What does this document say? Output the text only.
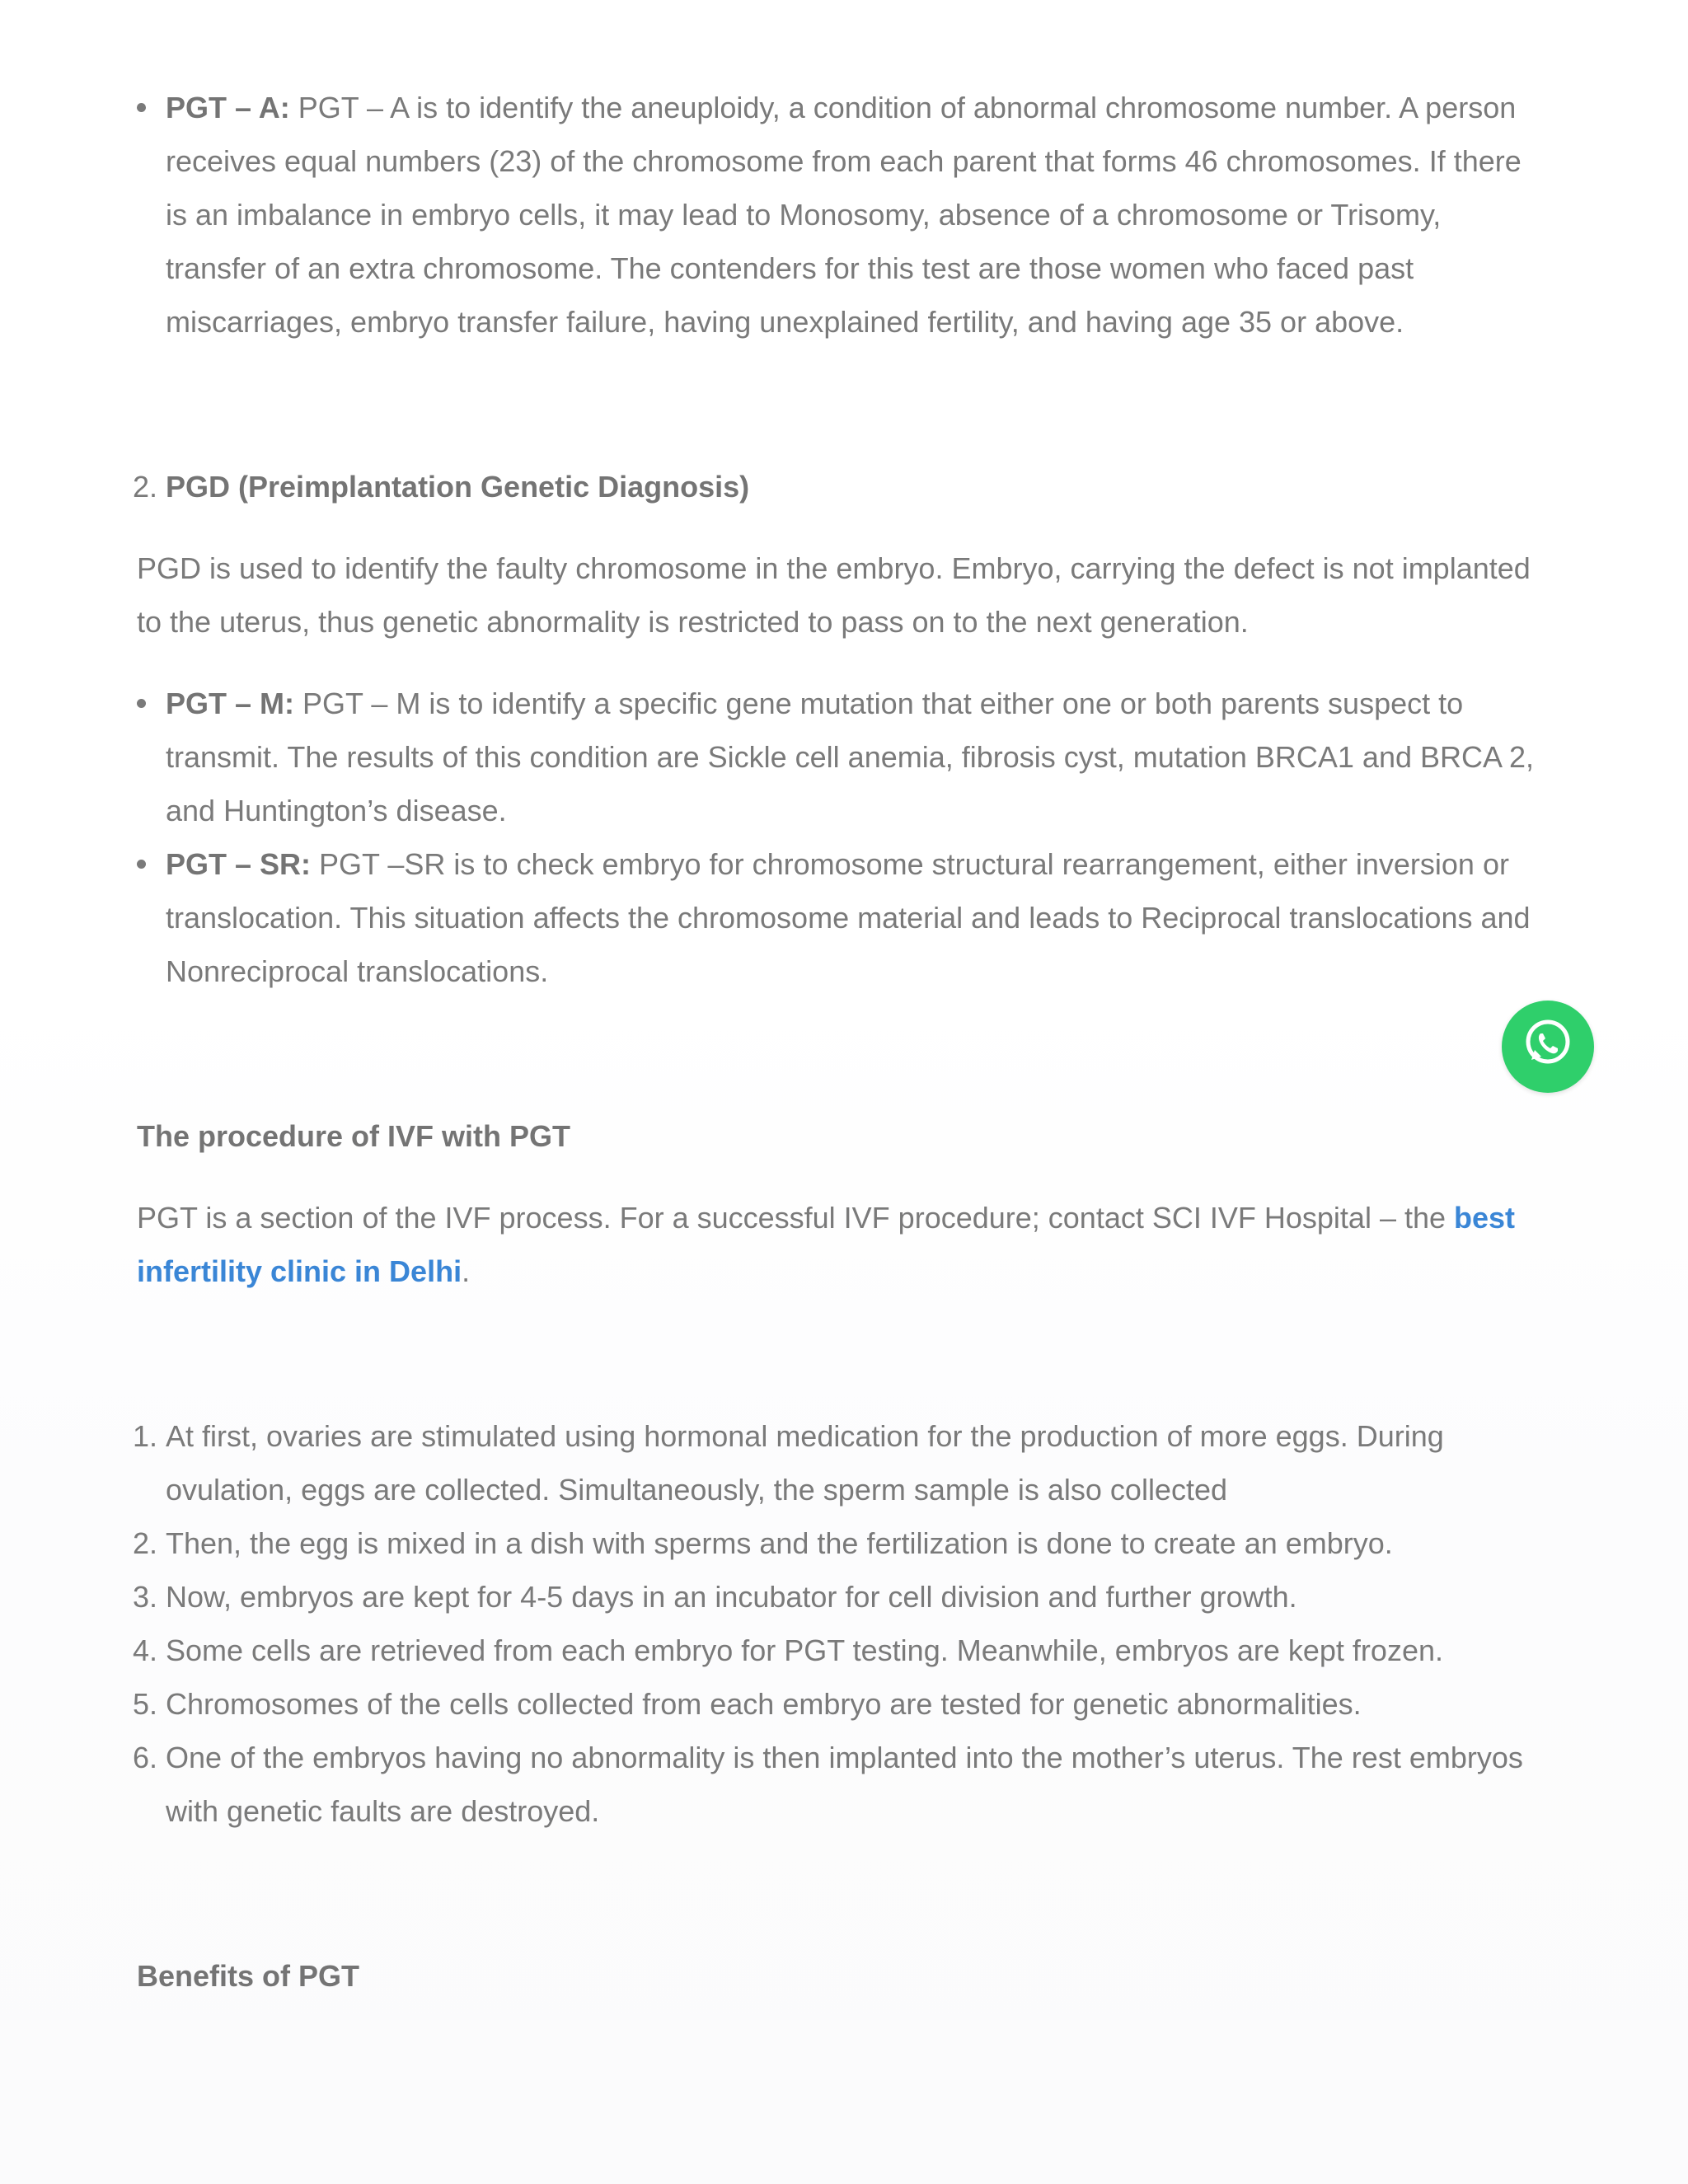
PGT – A: PGT – A is to identify the aneuploidy, a condition of abnormal chromosome number. A person receives equal numbers (23) of the chromosome from each parent that forms 46 chromosomes. If there is an imbalance in embryo cells, it may lead to Monosomy, absence of a chromosome or Trisomy, transfer of an extra chromosome. The contenders for this test are those women who faced past miscarriages, embryo transfer failure, having unexplained fertility, and having age 35 or above.
2. PGD (Preimplantation Genetic Diagnosis)

PGD is used to identify the faulty chromosome in the embryo. Embryo, carrying the defect is not implanted to the uterus, thus genetic abnormality is restricted to pass on to the next generation.

PGT – M: PGT – M is to identify a specific gene mutation that either one or both parents suspect to transmit. The results of this condition are Sickle cell anemia, fibrosis cyst, mutation BRCA1 and BRCA 2, and Huntington’s disease.
PGT – SR: PGT –SR is to check embryo for chromosome structural rearrangement, either inversion or translocation. This situation affects the chromosome material and leads to Reciprocal translocations and Nonreciprocal translocations.

The procedure of IVF with PGT

PGT is a section of the IVF process. For a successful IVF procedure; contact SCI IVF Hospital – the best infertility clinic in Delhi.

1. At first, ovaries are stimulated using hormonal medication for the production of more eggs. During ovulation, eggs are collected. Simultaneously, the sperm sample is also collected
2. Then, the egg is mixed in a dish with sperms and the fertilization is done to create an embryo.
3. Now, embryos are kept for 4-5 days in an incubator for cell division and further growth.
4. Some cells are retrieved from each embryo for PGT testing. Meanwhile, embryos are kept frozen.
5. Chromosomes of the cells collected from each embryo are tested for genetic abnormalities.
6. One of the embryos having no abnormality is then implanted into the mother’s uterus. The rest embryos with genetic faults are destroyed.

Benefits of PGT
